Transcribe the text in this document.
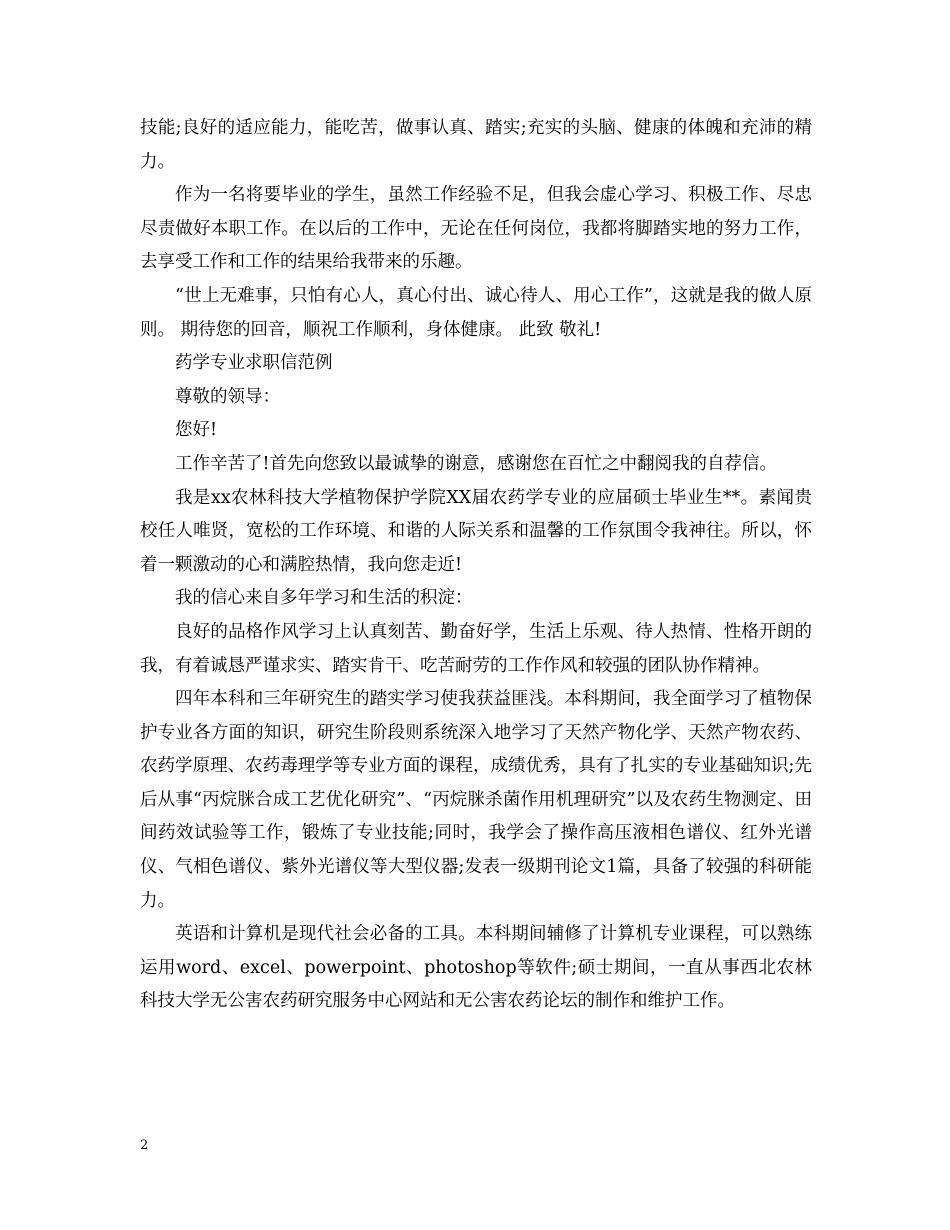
技能;良好的适应能力，能吃苦，做事认真、踏实;充实的头脑、健康的体魄和充沛的精力。

作为一名将要毕业的学生，虽然工作经验不足，但我会虚心学习、积极工作、尽忠尽责做好本职工作。在以后的工作中，无论在任何岗位，我都将脚踏实地的努力工作，去享受工作和工作的结果给我带来的乐趣。

“世上无难事，只怕有心人，真心付出、诚心待人、用心工作”，这就是我的做人原则。 期待您的回音，顺祝工作顺利，身体健康。 此致 敬礼!

药学专业求职信范例

尊敬的领导：

您好!

工作辛苦了!首先向您致以最诚挚的谢意，感谢您在百忙之中翻阅我的自荐信。

我是xx农林科技大学植物保护学院XX届农药学专业的应届硕士毕业生**。素闻贵校任人唯贤，宽松的工作环境、和谐的人际关系和温馨的工作氛围令我神往。所以，怀着一颗激动的心和满腔热情，我向您走近!

我的信心来自多年学习和生活的积淀：

良好的品格作风学习上认真刻苦、勤奋好学，生活上乐观、待人热情、性格开朗的我，有着诚恳严谨求实、踏实肯干、吃苦耐劳的工作作风和较强的团队协作精神。

四年本科和三年研究生的踏实学习使我获益匪浅。本科期间，我全面学习了植物保护专业各方面的知识，研究生阶段则系统深入地学习了天然产物化学、天然产物农药、农药学原理、农药毒理学等专业方面的课程，成绩优秀，具有了扎实的专业基础知识;先后从事“丙烷脒合成工艺优化研究”、“丙烷脒杀菌作用机理研究”以及农药生物测定、田间药效试验等工作，锻炼了专业技能;同时，我学会了操作高压液相色谱仪、红外光谱仪、气相色谱仪、紫外光谱仪等大型仪器;发表一级期刊论文1篇，具备了较强的科研能力。

英语和计算机是现代社会必备的工具。本科期间辅修了计算机专业课程，可以熟练运用word、excel、powerpoint、photoshop等软件;硕士期间，一直从事西北农林科技大学无公害农药研究服务中心网站和无公害农药论坛的制作和维护工作。

2
